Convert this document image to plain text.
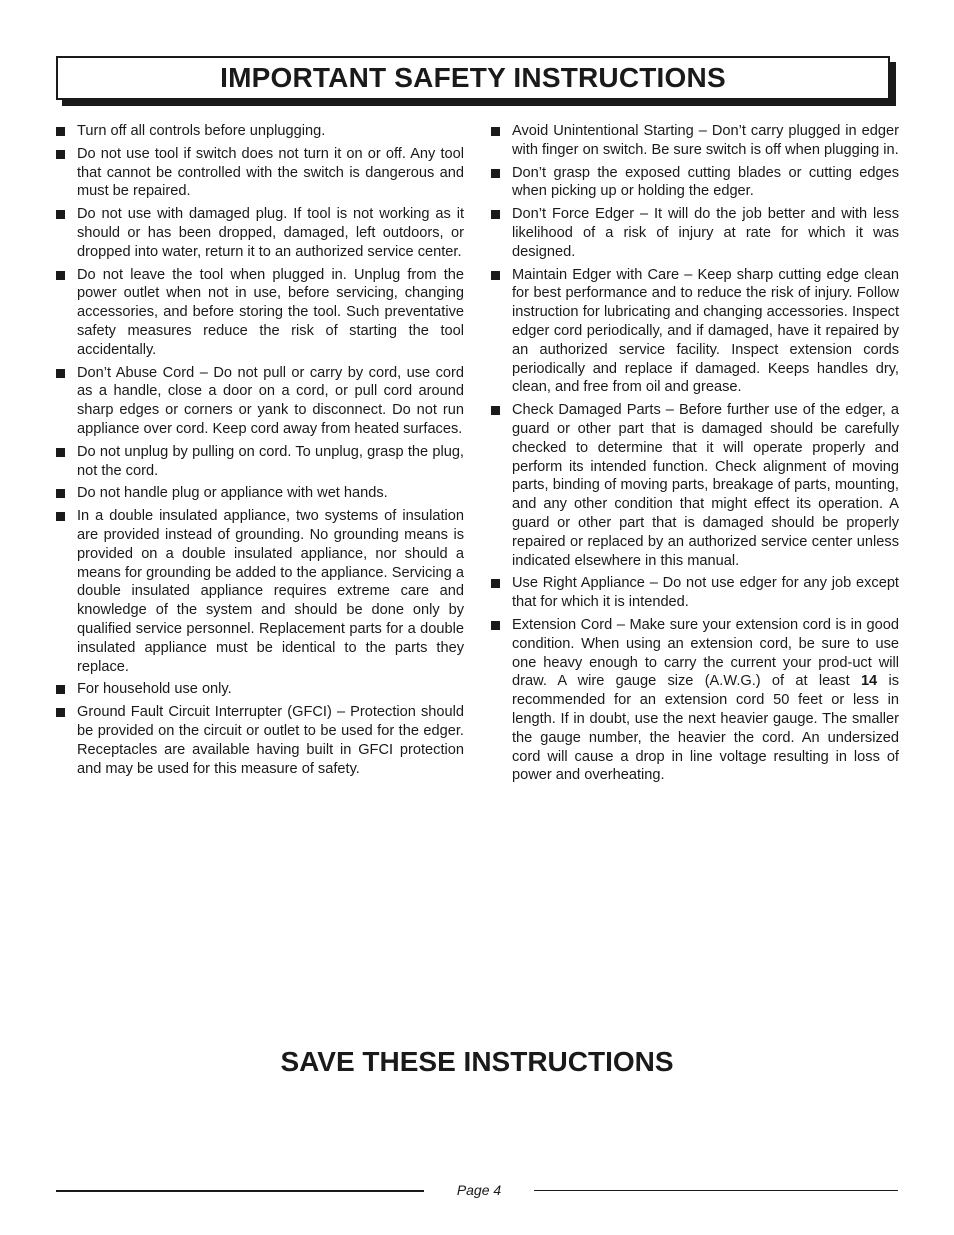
IMPORTANT SAFETY INSTRUCTIONS
Turn off all controls before unplugging.
Do not use tool if switch does not turn it on or off. Any tool that cannot be controlled with the switch is dangerous and must be repaired.
Do not use with damaged plug. If tool is not working as it should or has been dropped, damaged, left outdoors, or dropped into water, return it to an authorized service center.
Do not leave the tool when plugged in. Unplug from the power outlet when not in use, before servicing, changing accessories, and before storing the tool. Such preventative safety measures reduce the risk of starting the tool accidentally.
Don’t Abuse Cord – Do not pull or carry by cord, use cord as a handle, close a door on a cord, or pull cord around sharp edges or corners or yank to disconnect. Do not run appliance over cord. Keep cord away from heated surfaces.
Do not unplug by pulling on cord. To unplug, grasp the plug, not the cord.
Do not handle plug or appliance with wet hands.
In a double insulated appliance, two systems of insulation are provided instead of grounding. No grounding means is provided on a double insulated appliance, nor should a means for grounding be added to the appliance. Servicing a double insulated appliance requires extreme care and knowledge of the system and should be done only by qualified service personnel. Replacement parts for a double insulated appliance must be identical to the parts they replace.
For household use only.
Ground Fault Circuit Interrupter (GFCI) – Protection should be provided on the circuit or outlet to be used for the edger. Receptacles are available having built in GFCI protection and may be used for this measure of safety.
Avoid Unintentional Starting – Don’t carry plugged in edger with finger on switch. Be sure switch is off when plugging in.
Don’t grasp the exposed cutting blades or cutting edges when picking up or holding the edger.
Don’t Force Edger – It will do the job better and with less likelihood of a risk of injury at rate for which it was designed.
Maintain Edger with Care – Keep sharp cutting edge clean for best performance and to reduce the risk of injury. Follow instruction for lubricating and changing accessories. Inspect edger cord periodically, and if damaged, have it repaired by an authorized service facility. Inspect extension cords periodically and replace if damaged. Keeps handles dry, clean, and free from oil and grease.
Check Damaged Parts – Before further use of the edger, a guard or other part that is damaged should be carefully checked to determine that it will operate properly and perform its intended function. Check alignment of moving parts, binding of moving parts, breakage of parts, mounting, and any other condition that might effect its operation. A guard or other part that is damaged should be properly repaired or replaced by an authorized service center unless indicated elsewhere in this manual.
Use Right Appliance – Do not use edger for any job except that for which it is intended.
Extension Cord – Make sure your extension cord is in good condition. When using an extension cord, be sure to use one heavy enough to carry the current your prod-uct will draw. A wire gauge size (A.W.G.) of at least 14 is recommended for an extension cord 50 feet or less in length. If in doubt, use the next heavier gauge. The smaller the gauge number, the heavier the cord. An undersized cord will cause a drop in line voltage resulting in loss of power and overheating.
SAVE THESE INSTRUCTIONS
Page 4
